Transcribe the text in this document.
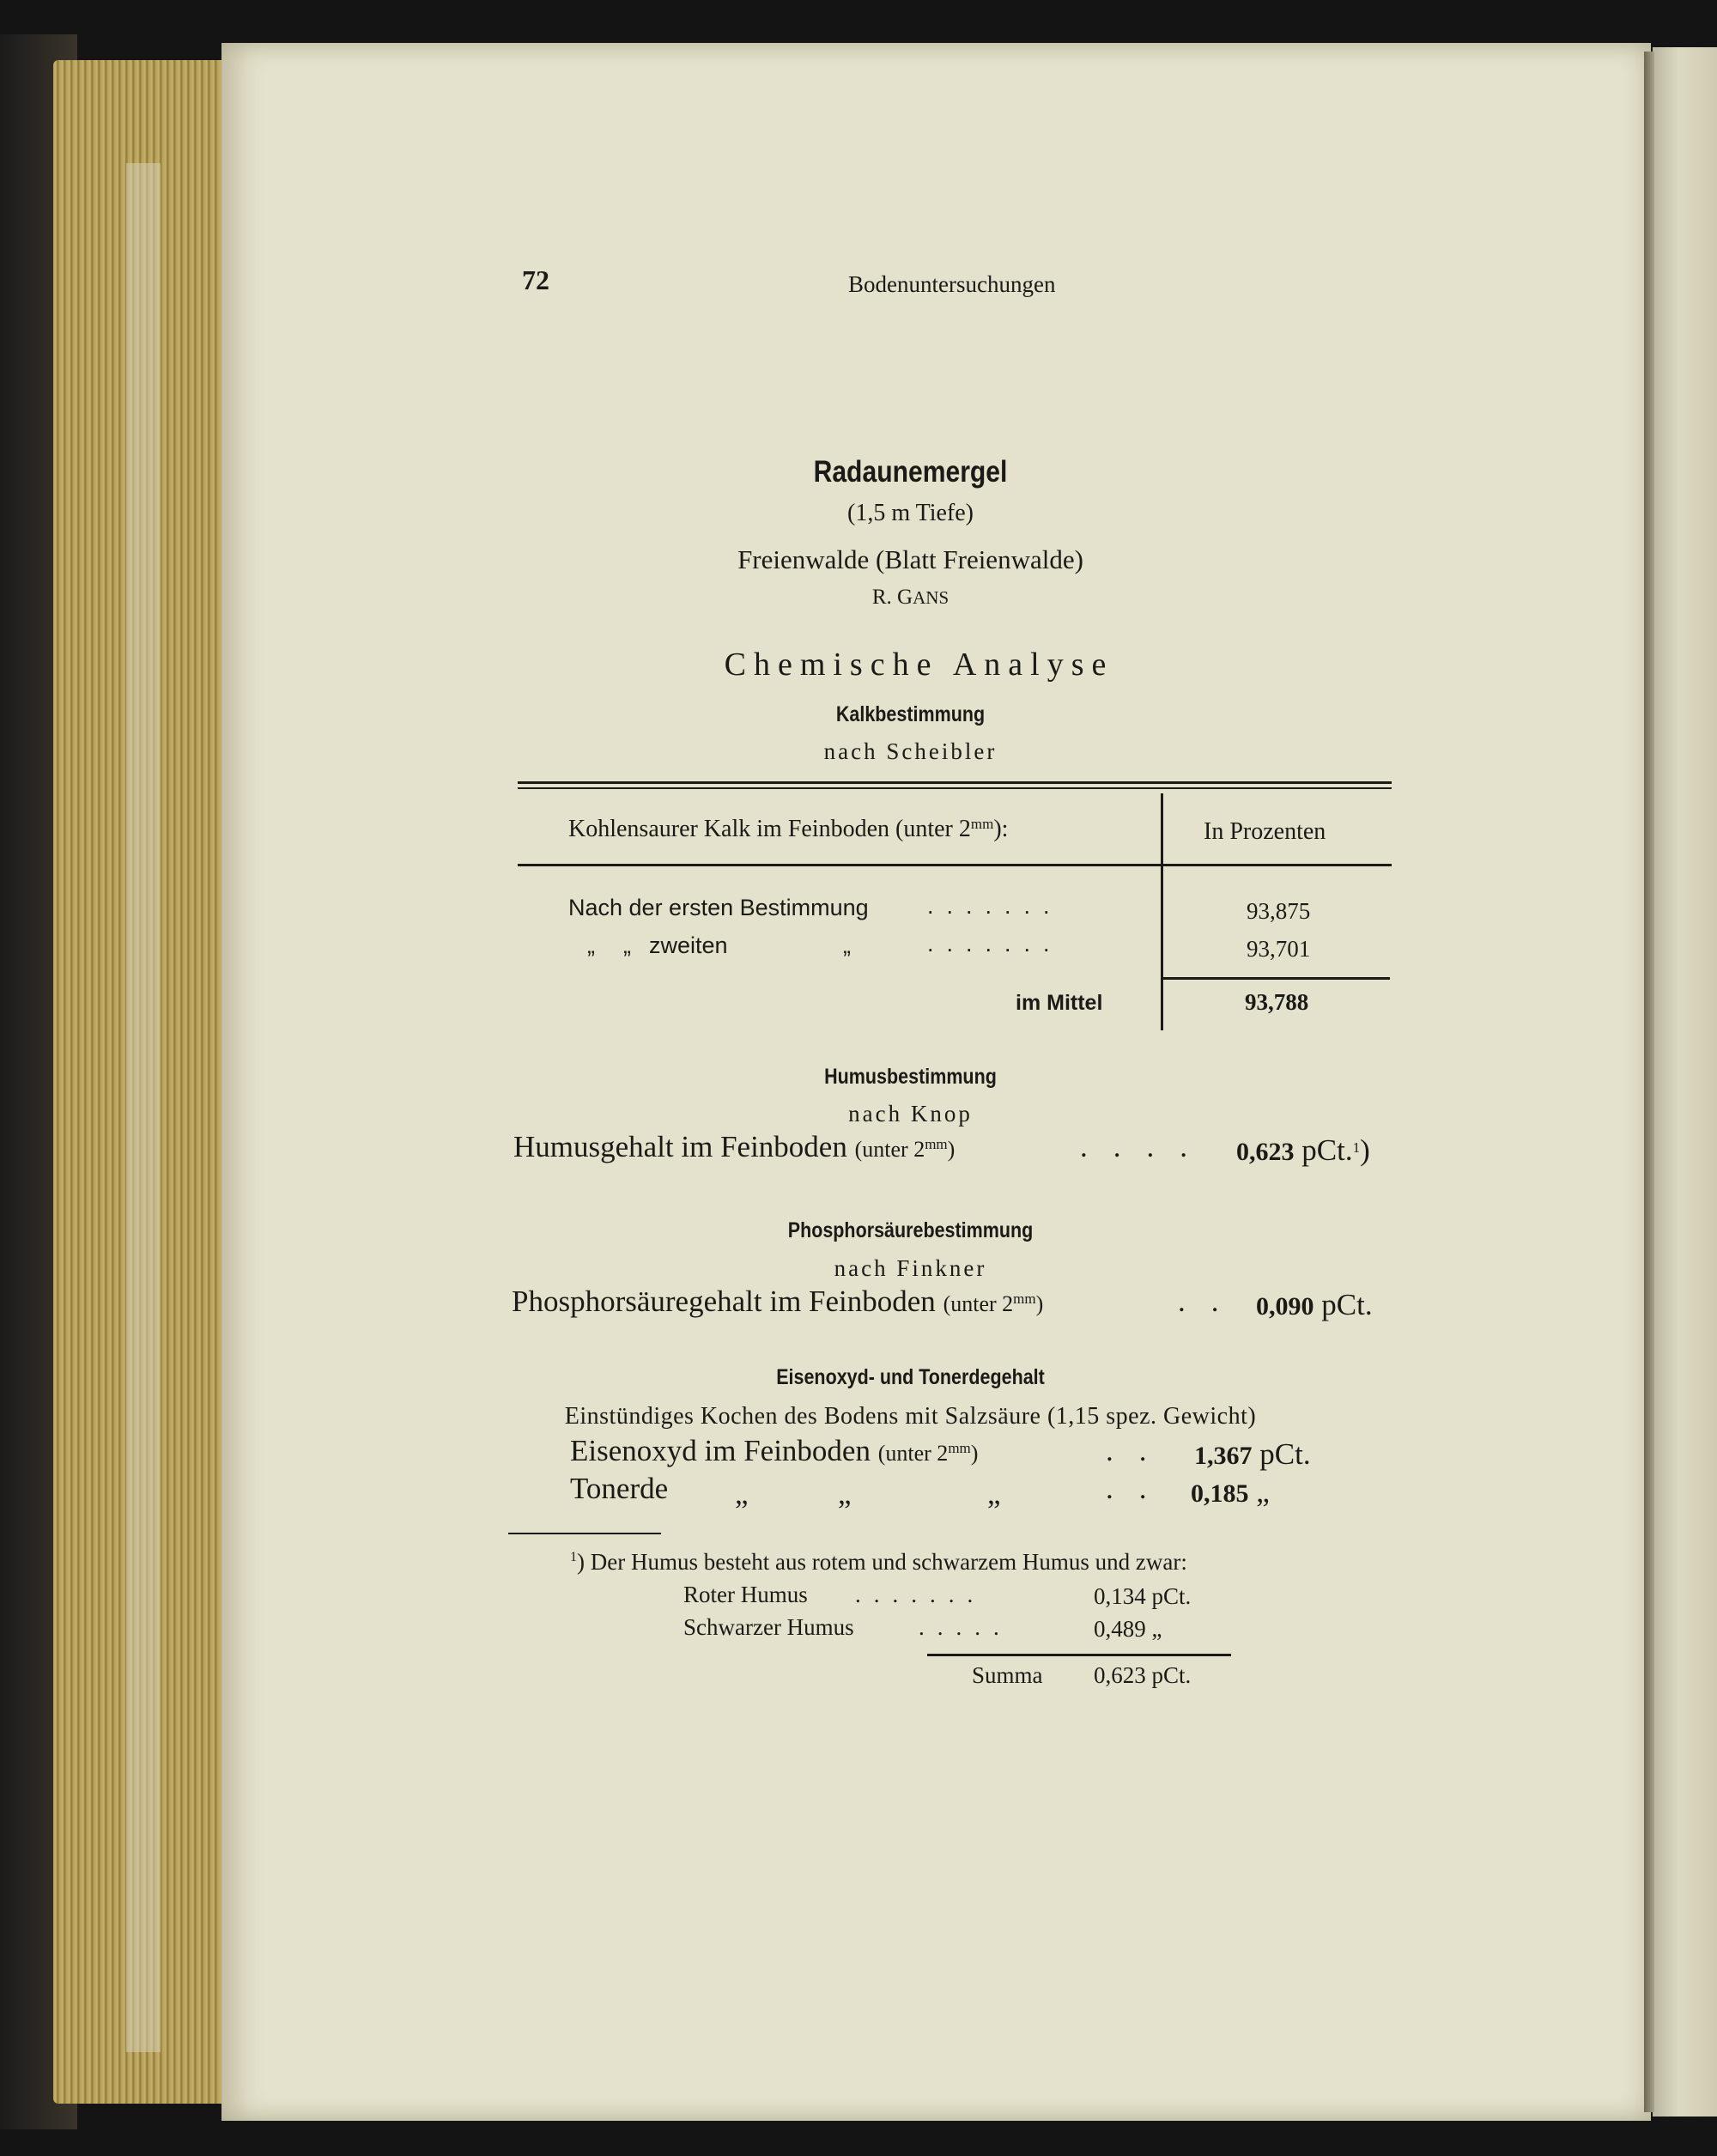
72	Bodenuntersuchungen
Radaunemergel
(1,5 m Tiefe)
Freienwalde (Blatt Freienwalde)
R. GANS
Chemische Analyse
Kalkbestimmung
nach Scheibler
Kohlensaurer Kalk im Feinboden (unter $2^{mm}$):	In Prozenten
Nach der ersten Bestimmung	.......	93,875
„ „ zweiten	„	.......	93,701
im Mittel	93,788
Humusbestimmung
nach Knop
Humusgehalt im Feinboden (unter $2^{mm}$)	.... 0,623 pCt.$^1$)
Phosphorsäurebestimmung
nach Finkner
Phosphorsäuregehalt im Feinboden (unter $2^{mm}$)	.. 0,090 pCt.
Eisenoxyd- und Tonerdegehalt
Einstündiges Kochen des Bodens mit Salzsäure (1,15 spez. Gewicht)
Eisenoxyd im Feinboden (unter $2^{mm}$)	.. 1,367 pCt.
Tonerde „	„	„	.. 0,185 „
$^1$) Der Humus besteht aus rotem und schwarzem Humus und zwar:
Roter Humus .......	0,134 pCt.
Schwarzer Humus	.....	0,489 „
Summa 0,623 pCt.
